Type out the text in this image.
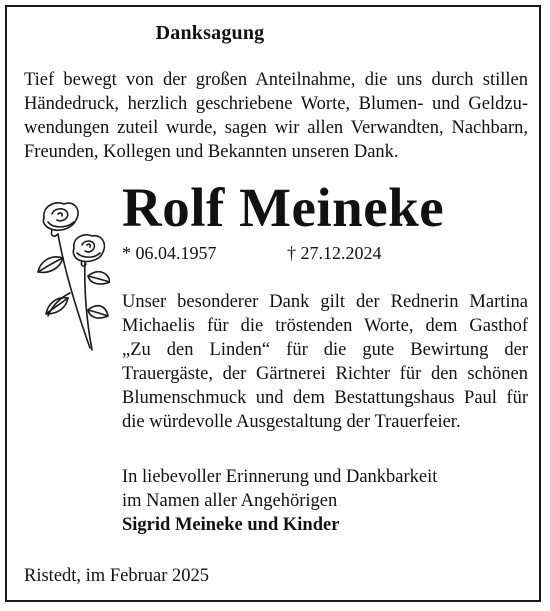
Danksagung
Tief bewegt von der großen Anteilnahme, die uns durch stillen
Händedruck, herzlich geschriebene Worte, Blumen- und Geldzu-
wendungen zuteil wurde, sagen wir allen Verwandten, Nachbarn,
Freunden, Kollegen und Bekannten unseren Dank.
Rolf Meineke
* 06.04.1957	† 27.12.2024
Unser besonderer Dank gilt der Rednerin Martina
Michaelis für die tröstenden Worte, dem Gasthof
„Zu den Linden“ für die gute Bewirtung der
Trauergäste, der Gärtnerei Richter für den schönen
Blumenschmuck und dem Bestattungshaus Paul für
die würdevolle Ausgestaltung der Trauerfeier.
In liebevoller Erinnerung und Dankbarkeit
im Namen aller Angehörigen
Sigrid Meineke und Kinder
Ristedt, im Februar 2025
